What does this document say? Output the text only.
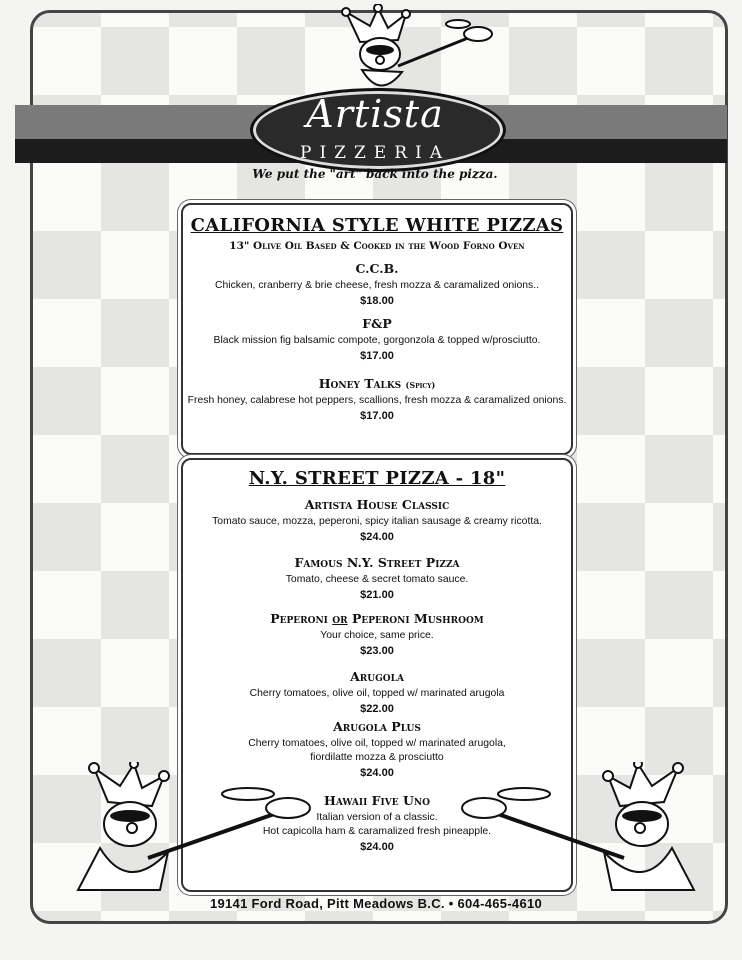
Artista
PIZZERIA
We put the "art" back into the pizza.
CALIFORNIA STYLE WHITE PIZZAS
13" Olive Oil Based & Cooked in the Wood Forno Oven
C.C.B.
Chicken, cranberry & brie cheese, fresh mozza & caramalized onions..
$18.00
F&P
Black mission fig balsamic compote, gorgonzola & topped w/prosciutto.
$17.00
Honey Talks (Spicy)
Fresh honey, calabrese hot peppers, scallions, fresh mozza & caramalized onions.
$17.00
N.Y. STREET PIZZA - 18"
Artista House Classic
Tomato sauce, mozza, peperoni, spicy italian sausage & creamy ricotta.
$24.00
Famous N.Y. Street Pizza
Tomato, cheese & secret tomato sauce.
$21.00
Peperoni or Peperoni Mushroom
Your choice, same price.
$23.00
Arugola
Cherry tomatoes, olive oil, topped w/ marinated arugola
$22.00
Arugola Plus
Cherry tomatoes, olive oil, topped w/ marinated arugola,
fiordilatte mozza & prosciutto
$24.00
Hawaii Five Uno
Italian version of a classic.
Hot capicolla ham & caramalized fresh pineapple.
$24.00
19141 Ford Road, Pitt Meadows B.C. • 604-465-4610
